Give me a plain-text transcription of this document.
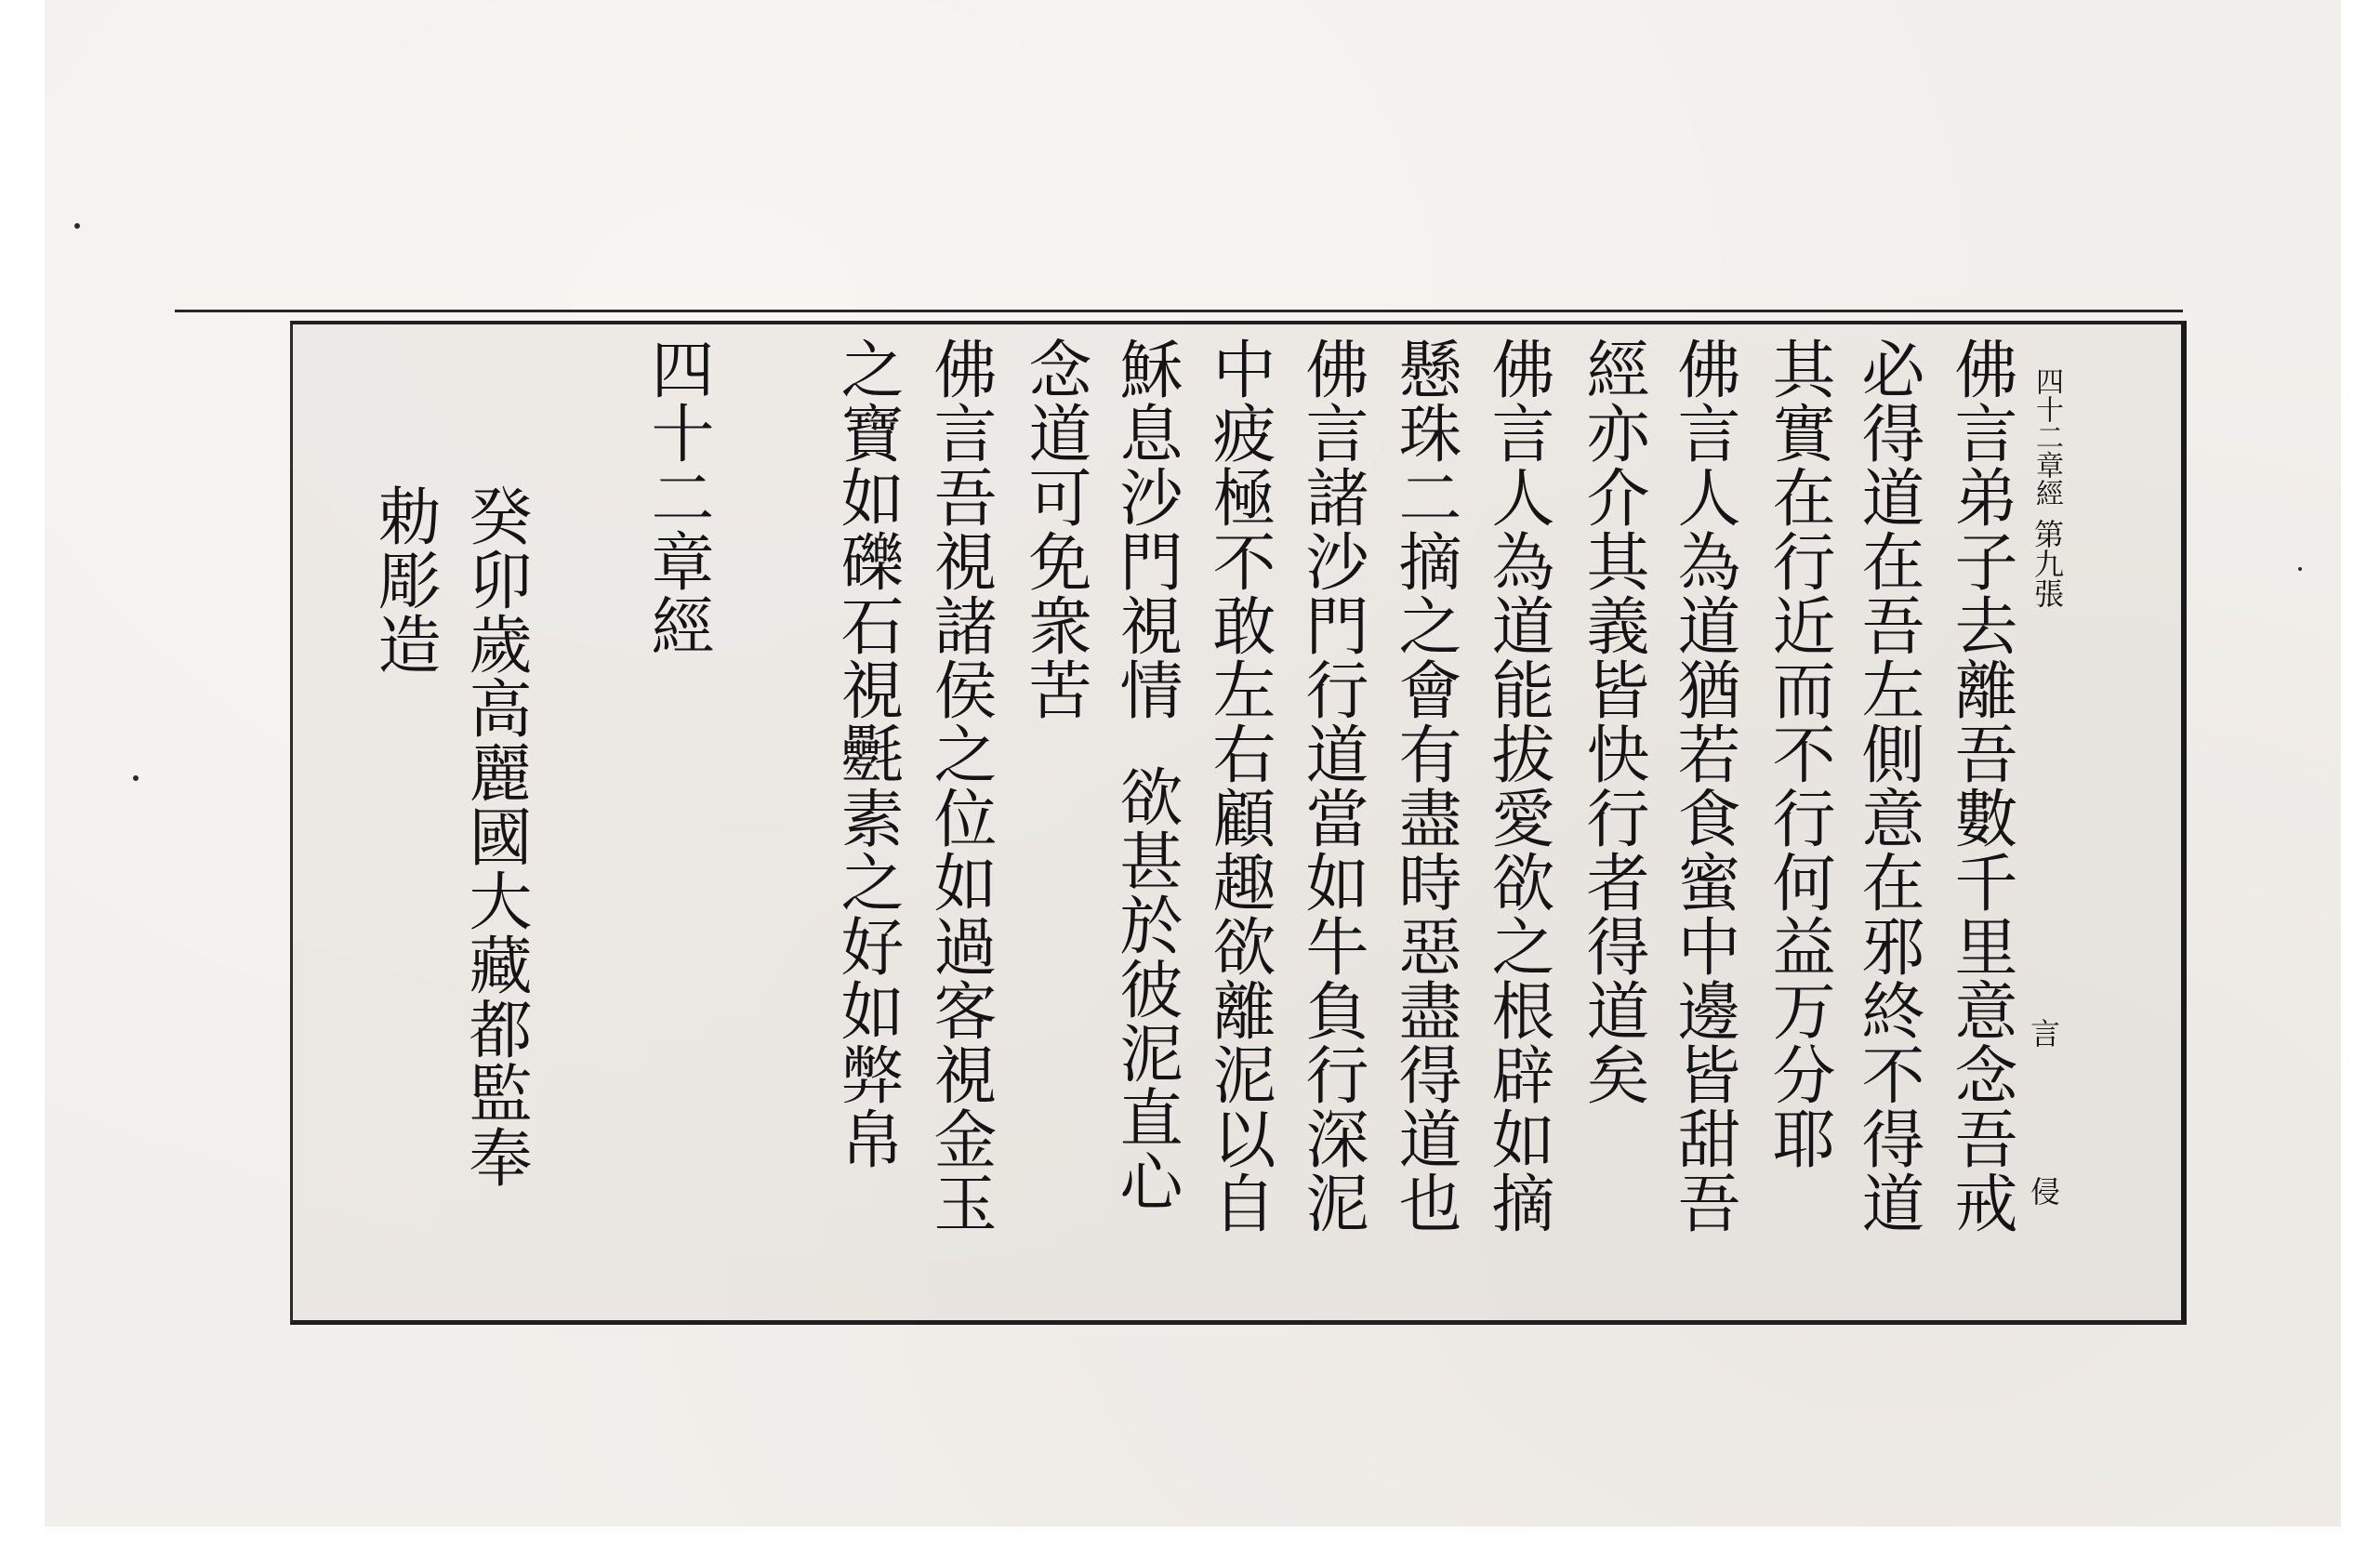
四十二章經
第九張
言
侵
佛言弟子去離吾數千里意念吾戒
必得道在吾左側意在邪終不得道
其實在行近而不行何益万分耶
佛言人為道猶若食蜜中邊皆甜吾
經亦介其義皆快行者得道矣
佛言人為道能拔愛欲之根辟如摘
懸珠二摘之會有盡時惡盡得道也
佛言諸沙門行道當如牛負行深泥
中疲極不敢左右顧趣欲離泥以自
穌息沙門視情
欲甚於彼泥直心
念道可免衆苦
佛言吾視諸侯之位如過客視金玉
之寶如礫石視氎素之好如弊帛
四十二章經
癸卯歲高麗國大藏都監奉
勅彫造
